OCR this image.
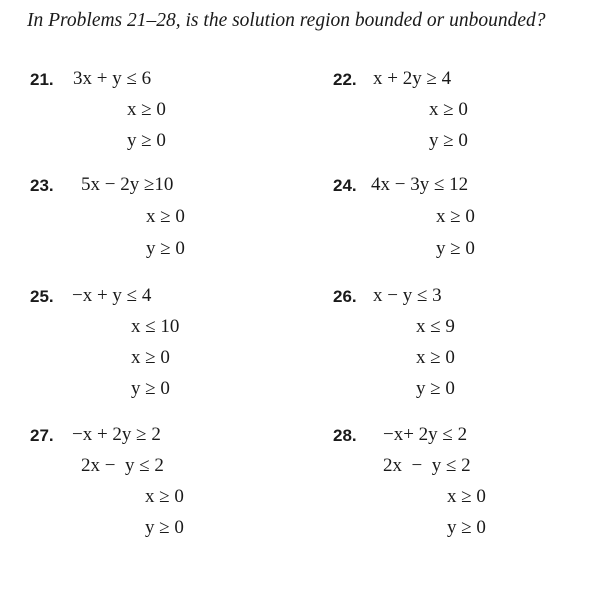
In Problems 21–28, is the solution region bounded or unbounded?

21.

3x + y ≤ 6

x ≥ 0

y ≥ 0

22.

x + 2y ≥ 4

x ≥ 0

y ≥ 0

23.

5x − 2y ≥10

x ≥ 0

y ≥ 0

24.

4x − 3y ≤ 12

x ≥ 0

y ≥ 0

25.

−x + y ≤ 4

x ≤ 10

x ≥ 0

y ≥ 0

26.

x − y ≤ 3

x ≤ 9

x ≥ 0

y ≥ 0

27.

−x + 2y ≥ 2

2x −  y ≤ 2

x ≥ 0

y ≥ 0

28.

−x+ 2y ≤ 2

2x  −  y ≤ 2

x ≥ 0

y ≥ 0
